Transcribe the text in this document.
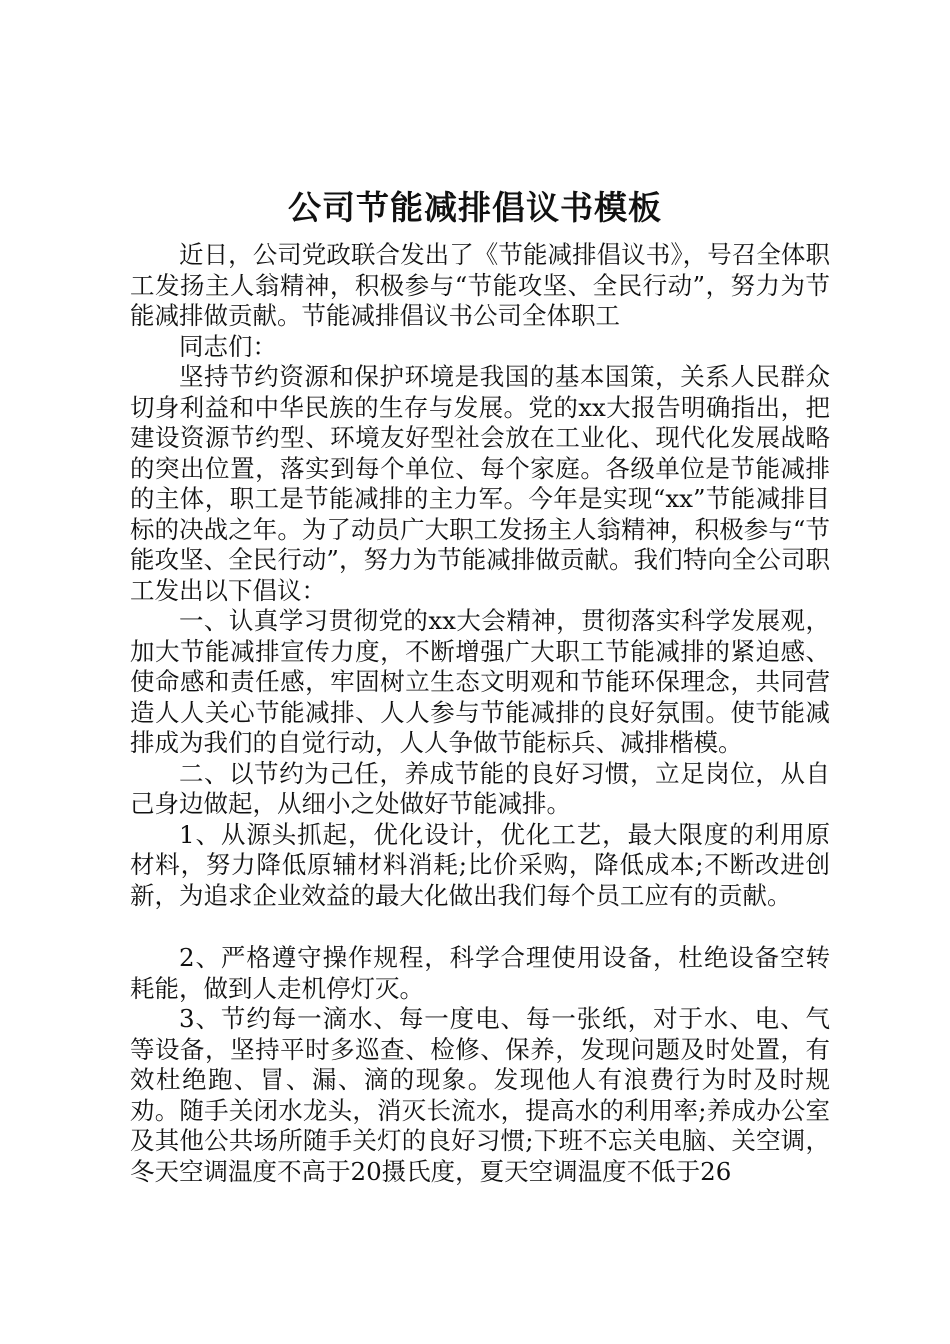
公司节能减排倡议书模板

近日，公司党政联合发出了《节能减排倡议书》，号召全体职工发扬主人翁精神，积极参与“节能攻坚、全民行动”，努力为节能减排做贡献。节能减排倡议书公司全体职工

同志们：

坚持节约资源和保护环境是我国的基本国策，关系人民群众切身利益和中华民族的生存与发展。党的xx大报告明确指出，把建设资源节约型、环境友好型社会放在工业化、现代化发展战略的突出位置，落实到每个单位、每个家庭。各级单位是节能减排的主体，职工是节能减排的主力军。今年是实现“xx”节能减排目标的决战之年。为了动员广大职工发扬主人翁精神，积极参与“节能攻坚、全民行动”，努力为节能减排做贡献。我们特向全公司职工发出以下倡议：

一、认真学习贯彻党的xx大会精神，贯彻落实科学发展观，加大节能减排宣传力度，不断增强广大职工节能减排的紧迫感、使命感和责任感，牢固树立生态文明观和节能环保理念，共同营造人人关心节能减排、人人参与节能减排的良好氛围。使节能减排成为我们的自觉行动，人人争做节能标兵、减排楷模。

二、以节约为己任，养成节能的良好习惯，立足岗位，从自己身边做起，从细小之处做好节能减排。

1、从源头抓起，优化设计，优化工艺，最大限度的利用原材料，努力降低原辅材料消耗;比价采购，降低成本;不断改进创新，为追求企业效益的最大化做出我们每个员工应有的贡献。

2、严格遵守操作规程，科学合理使用设备，杜绝设备空转耗能，做到人走机停灯灭。

3、节约每一滴水、每一度电、每一张纸，对于水、电、气等设备，坚持平时多巡查、检修、保养，发现问题及时处置，有效杜绝跑、冒、漏、滴的现象。发现他人有浪费行为时及时规劝。随手关闭水龙头，消灭长流水，提高水的利用率;养成办公室及其他公共场所随手关灯的良好习惯;下班不忘关电脑、关空调，冬天空调温度不高于20摄氏度，夏天空调温度不低于26
